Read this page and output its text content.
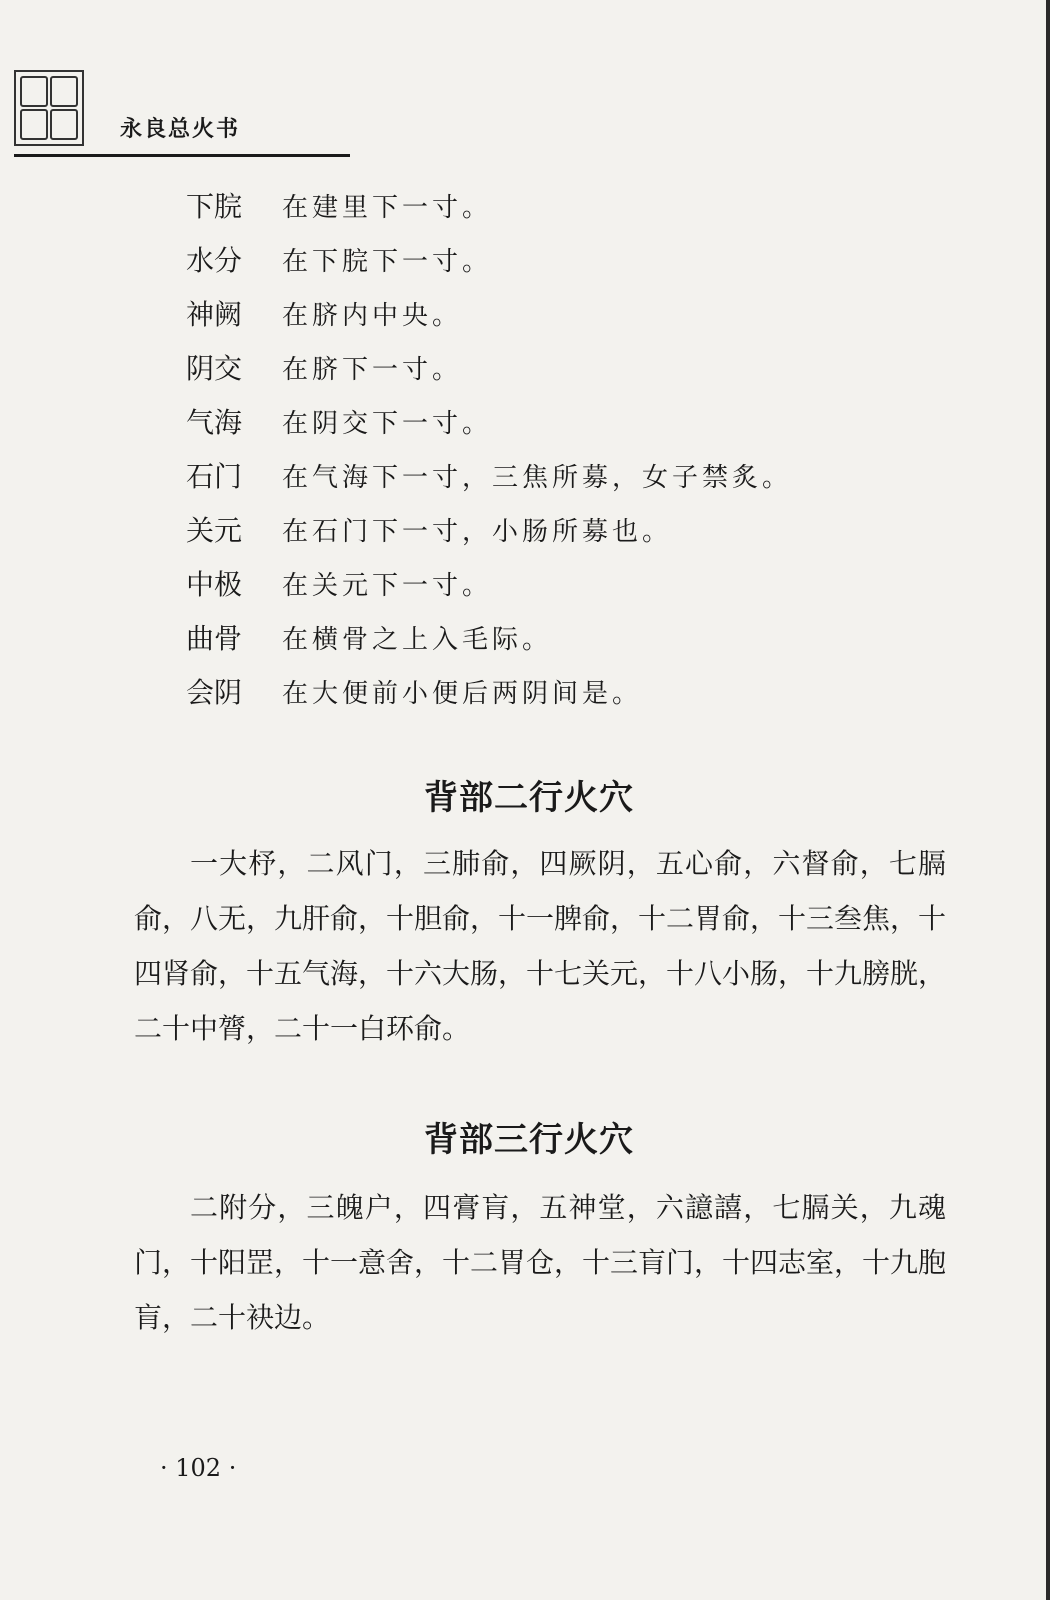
永良总火书
下脘	在建里下一寸。
水分	在下脘下一寸。
神阙	在脐内中央。
阴交	在脐下一寸。
气海	在阴交下一寸。
石门	在气海下一寸，三焦所募，女子禁炙。
关元	在石门下一寸，小肠所募也。
中极	在关元下一寸。
曲骨	在横骨之上入毛际。
会阴	在大便前小便后两阴间是。
背部二行火穴
一大杼，二风门，三肺俞，四厥阴，五心俞，六督俞，七膈俞，八无，九肝俞，十胆俞，十一脾俞，十二胃俞，十三叁焦，十四肾俞，十五气海，十六大肠，十七关元，十八小肠，十九膀胱，二十中膂，二十一白环俞。
背部三行火穴
二附分，三魄户，四膏肓，五神堂，六譩譆，七膈关，九魂门，十阳罡，十一意舍，十二胃仓，十三肓门，十四志室，十九胞肓，二十袂边。
· 102 ·
